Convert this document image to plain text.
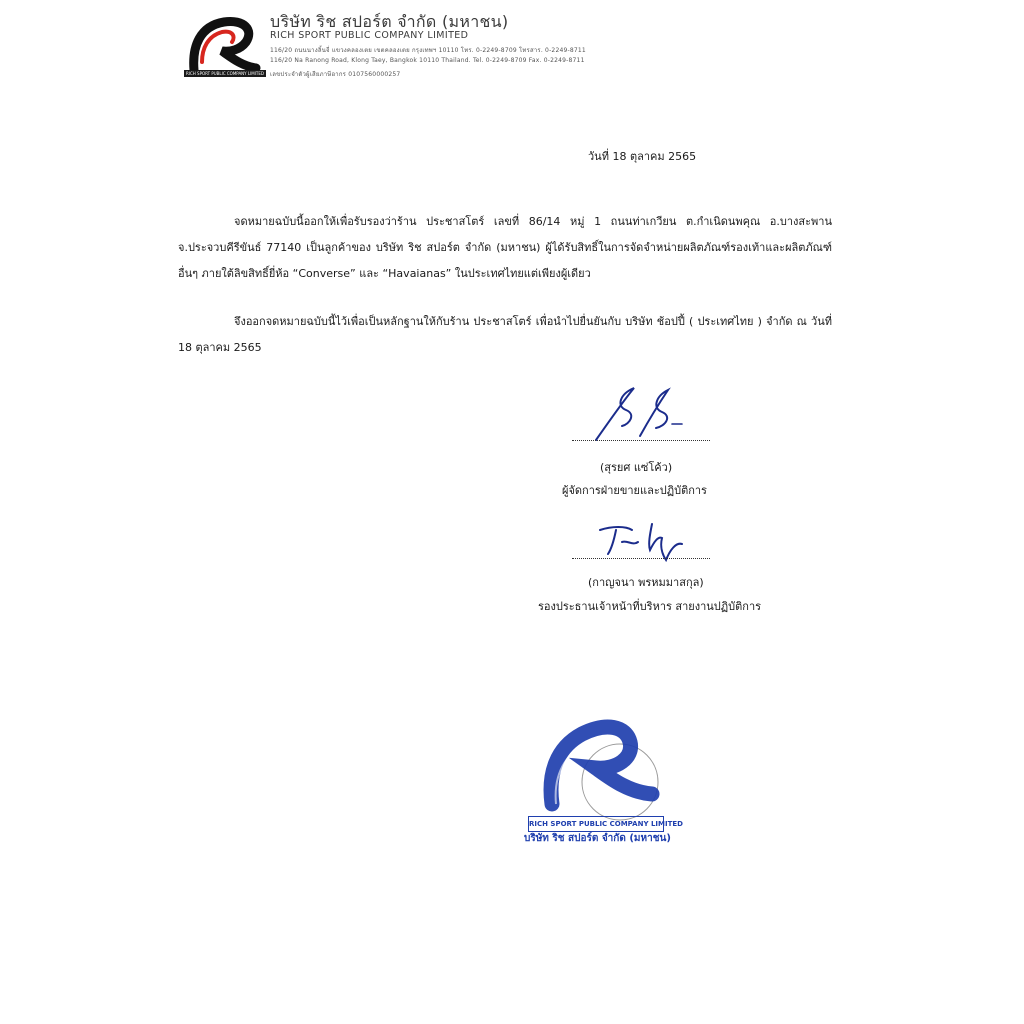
RICH SPORT PUBLIC COMPANY LIMITED
บริษัท ริช สปอร์ต จำกัด (มหาชน)
RICH SPORT PUBLIC COMPANY LIMITED
116/20 ถนนนางลิ้นจี่ แขวงคลองเตย เขตคลองเตย กรุงเทพฯ 10110 โทร. 0-2249-8709 โทรสาร. 0-2249-8711
116/20 Na Ranong Road, Klong Taey, Bangkok 10110 Thailand. Tel. 0-2249-8709 Fax. 0-2249-8711
เลขประจำตัวผู้เสียภาษีอากร 0107560000257
วันที่ 18 ตุลาคม 2565
จดหมายฉบับนี้ออกให้เพื่อรับรองว่าร้าน ประชาสโตร์ เลขที่ 86/14 หมู่ 1 ถนนท่าเกวียน ต.กำเนิดนพคุณ อ.บางสะพาน จ.ประจวบคีรีขันธ์ 77140 เป็นลูกค้าของ บริษัท ริช สปอร์ต จำกัด (มหาชน) ผู้ได้รับสิทธิ์ในการจัดจำหน่ายผลิตภัณฑ์รองเท้าและผลิตภัณฑ์อื่นๆ ภายใต้ลิขสิทธิ์ยี่ห้อ “Converse” และ “Havaianas” ในประเทศไทยแต่เพียงผู้เดียว
จึงออกจดหมายฉบับนี้ไว้เพื่อเป็นหลักฐานให้กับร้าน ประชาสโตร์ เพื่อนำไปยื่นยันกับ บริษัท ช้อปปี้ ( ประเทศไทย ) จำกัด ณ วันที่ 18 ตุลาคม 2565
(สุรยศ แซ่โค้ว)
ผู้จัดการฝ่ายขายและปฏิบัติการ
(กาญจนา พรหมมาสกุล)
รองประธานเจ้าหน้าที่บริหาร สายงานปฏิบัติการ
RICH SPORT PUBLIC COMPANY LIMITED
บริษัท ริช สปอร์ต จำกัด (มหาชน)
